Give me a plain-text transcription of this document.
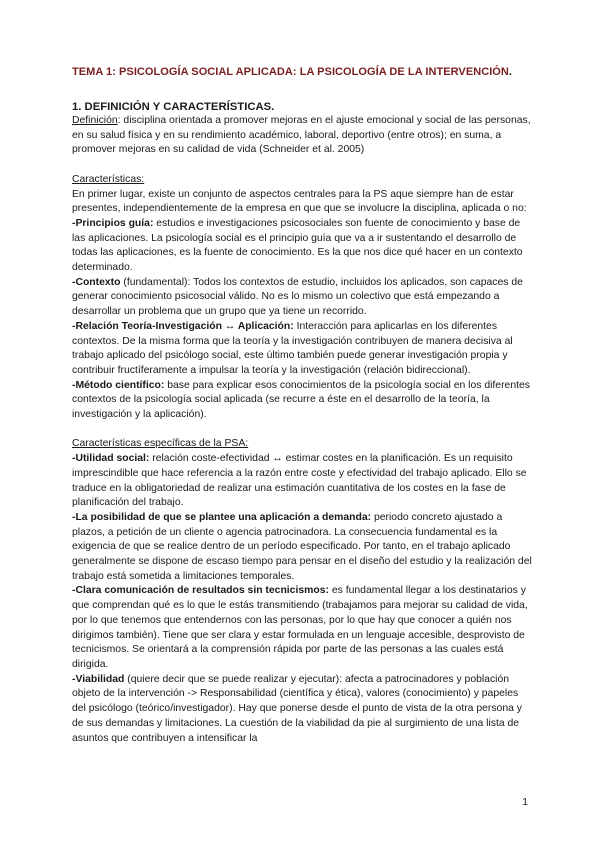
TEMA 1: PSICOLOGÍA SOCIAL APLICADA: LA PSICOLOGÍA DE LA INTERVENCIÓN.

1. DEFINICIÓN Y CARACTERÍSTICAS.
Definición: disciplina orientada a promover mejoras en el ajuste emocional y social de las personas, en su salud física y en su rendimiento académico, laboral, deportivo (entre otros); en suma, a promover mejoras en su calidad de vida (Schneider et al. 2005)
Características:
En primer lugar, existe un conjunto de aspectos centrales para la PS aque siempre han de estar presentes, independientemente de la empresa en que que se involucre la disciplina, aplicada o no:
-Principios guía: estudios e investigaciones psicosociales son fuente de conocimiento y base de las aplicaciones. La psicología social es el principio guía que va a ir sustentando el desarrollo de todas las aplicaciones, es la fuente de conocimiento. Es la que nos dice qué hacer en un contexto determinado.
-Contexto (fundamental): Todos los contextos de estudio, incluidos los aplicados, son capaces de generar conocimiento psicosocial válido. No es lo mismo un colectivo que está empezando a desarrollar un problema que un grupo que ya tiene un recorrido.
-Relación Teoría-Investigación ↔ Aplicación: Interacción para aplicarlas en los diferentes contextos. De la misma forma que la teoría y la investigación contribuyen de manera decisiva al trabajo aplicado del psicólogo social, este último también puede generar investigación propia y contribuir fructíferamente a impulsar la teoría y la investigación (relación bidireccional).
-Método científico: base para explicar esos conocimientos de la psicología social en los diferentes contextos de la psicología social aplicada (se recurre a éste en el desarrollo de la teoría, la investigación y la aplicación).
Características específicas de la PSA:
-Utilidad social: relación coste-efectividad ↔ estimar costes en la planificación. Es un requisito imprescindible que hace referencia a la razón entre coste y efectividad del trabajo aplicado. Ello se traduce en la obligatoriedad de realizar una estimación cuantitativa de los costes en la fase de planificación del trabajo.
-La posibilidad de que se plantee una aplicación a demanda: periodo concreto ajustado a plazos, a petición de un cliente o agencia patrocinadora. La consecuencia fundamental es la exigencia de que se realice dentro de un período especificado. Por tanto, en el trabajo aplicado generalmente se dispone de escaso tiempo para pensar en el diseño del estudio y la realización del trabajo está sometida a limitaciones temporales.
-Clara comunicación de resultados sin tecnicismos: es fundamental llegar a los destinatarios y que comprendan qué es lo que le estás transmitiendo (trabajamos para mejorar su calidad de vida, por lo que tenemos que entendernos con las personas, por lo que hay que conocer a quién nos dirigimos también). Tiene que ser clara y estar formulada en un lenguaje accesible, desprovisto de tecnicismos. Se orientará a la comprensión rápida por parte de las personas a las cuales está dirigida.
-Viabilidad (quiere decir que se puede realizar y ejecutar): afecta a patrocinadores y población objeto de la intervención -> Responsabilidad (científica y ética), valores (conocimiento) y papeles del psicólogo (teórico/investigador). Hay que ponerse desde el punto de vista de la otra persona y de sus demandas y limitaciones. La cuestión de la viabilidad da pie al surgimiento de una lista de asuntos que contribuyen a intensificar la
1
